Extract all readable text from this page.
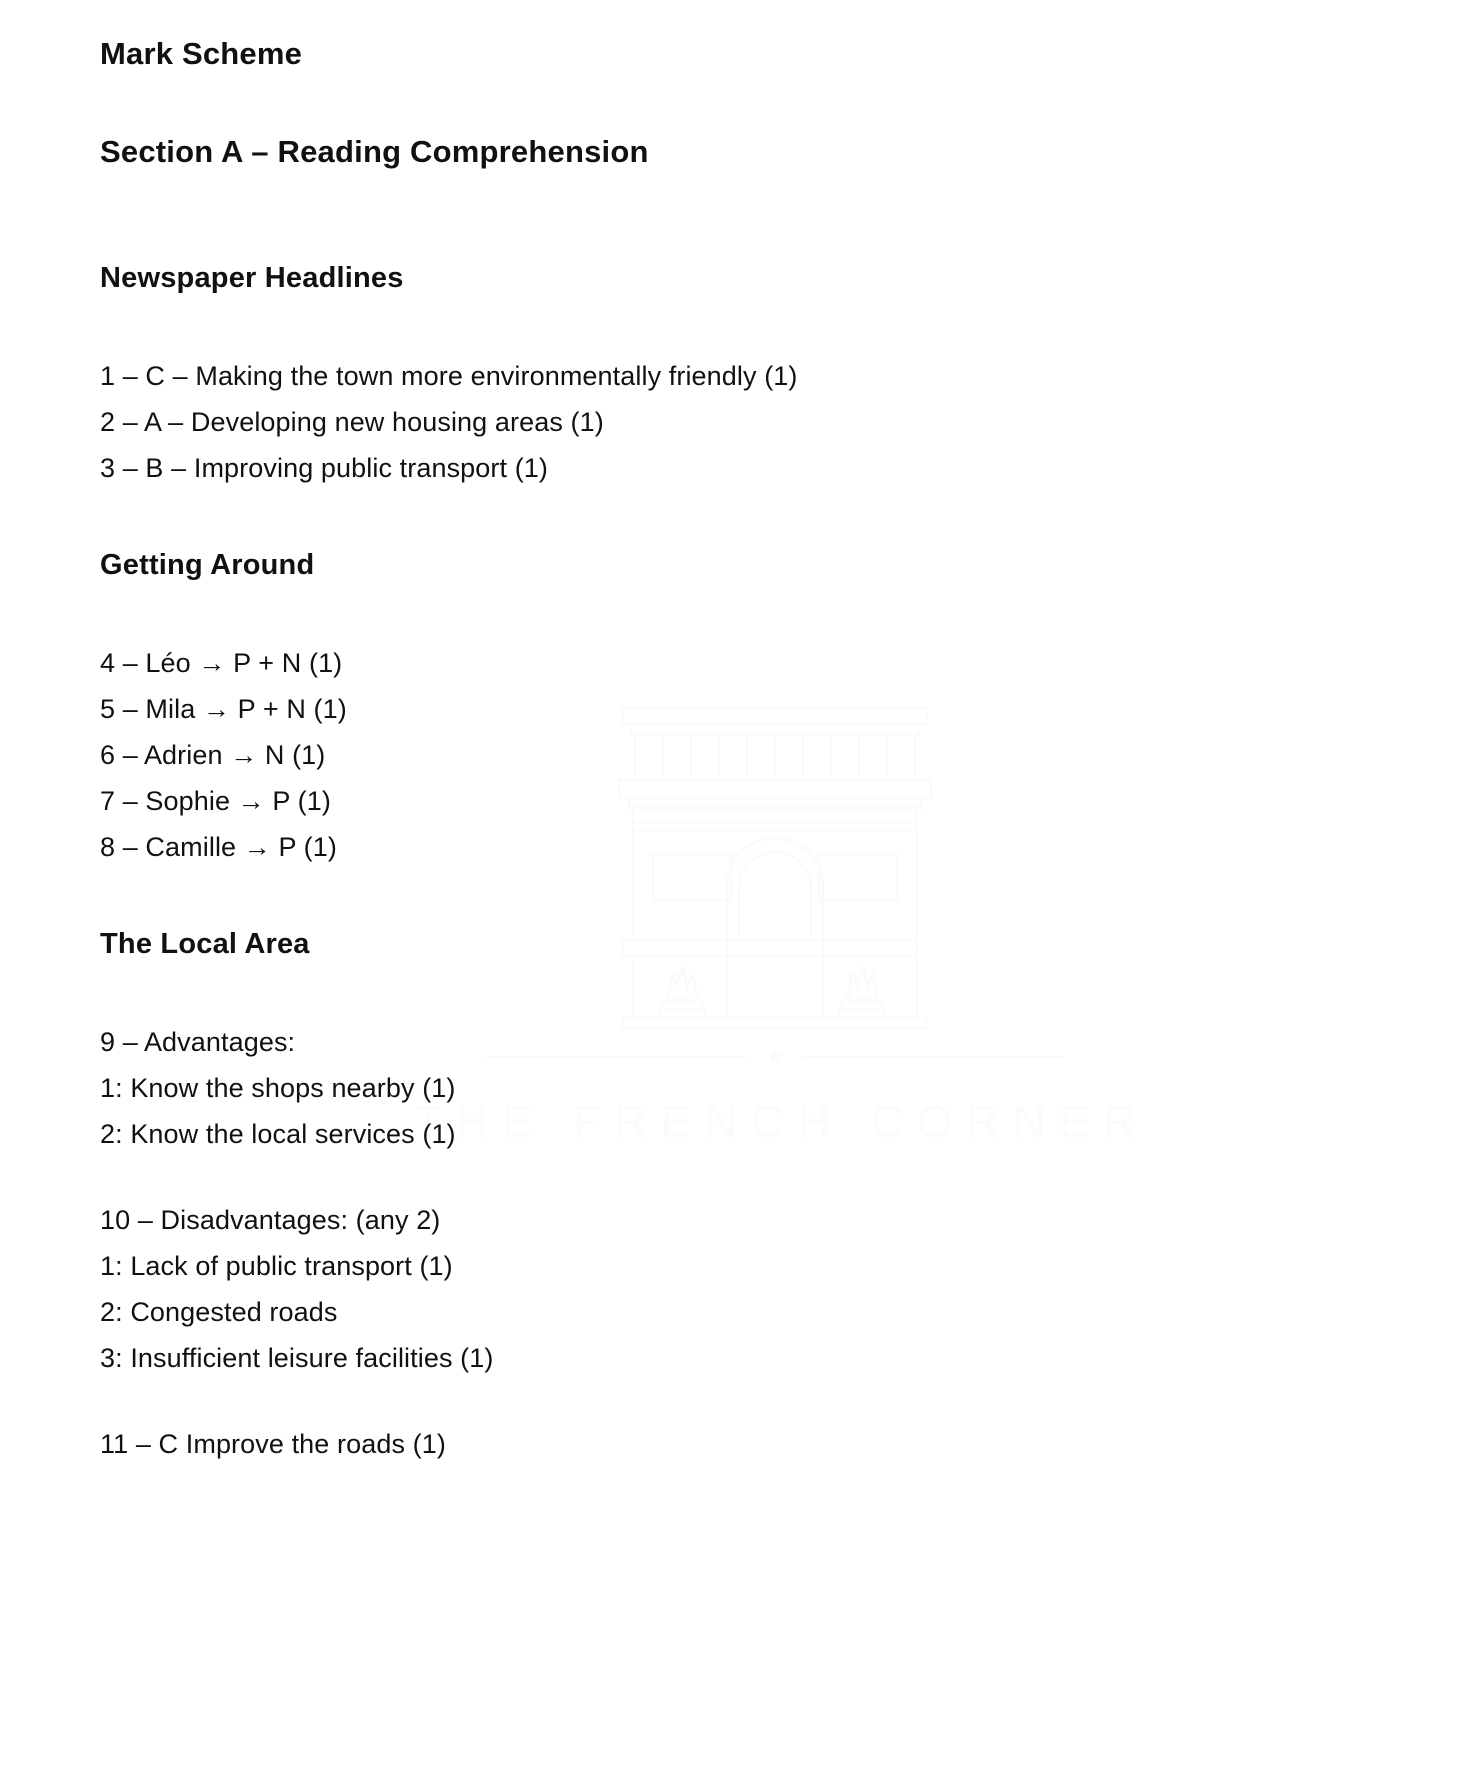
★
THE FRENCH CORNER
Mark Scheme
Section A – Reading Comprehension
Newspaper Headlines
1 – C – Making the town more environmentally friendly (1)
2 – A – Developing new housing areas (1)
3 – B – Improving public transport (1)
Getting Around
4 – Léo → P + N (1)
5 – Mila → P + N (1)
6 – Adrien → N (1)
7 – Sophie → P (1)
8 – Camille → P (1)
The Local Area
9 – Advantages:
1: Know the shops nearby (1)
2: Know the local services (1)
10 – Disadvantages: (any 2)
1: Lack of public transport (1)
2: Congested roads
3: Insufficient leisure facilities (1)
11 – C Improve the roads (1)
